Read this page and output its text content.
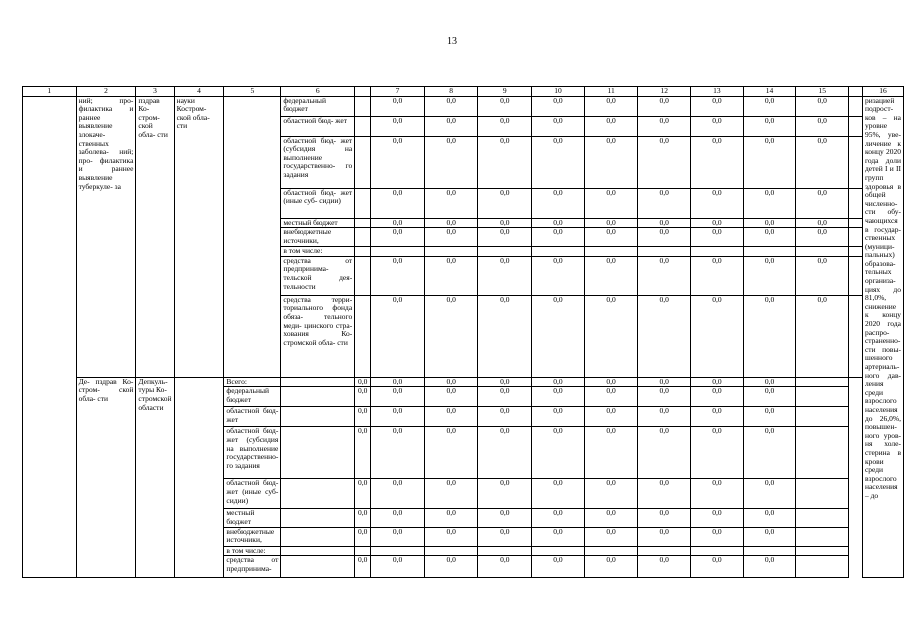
13
1	2	3	4	5	6		7	8	9	10	11	12	13	14	15		16
	ний; про- филактика и раннее выявление злокаче- ственных заболева- ний; про- филактика и раннее выявление туберкуле- за	пздрав Ко- стром- ской обла- сти	науки Костром- ской обла- сти		федеральный бюджет		0,0	0,0	0,0	0,0	0,0	0,0	0,0	0,0	0,0		ризацией подрост- ков – на уровне 95%, уве- личение к концу 2020 года доли детей I и II групп здоровья в общей численно- сти обу- чающихся в государ- ственных (муници- пальных) образова- тельных организа- циях до 81,0%, снижение к концу 2020 года распро- страненно- сти повы- шенного артериаль- ного дав- ления среди взрослого населения до 26,0%, повышен- ного уров- ня холе- стерина в крови среди взрослого населения – до
					областной бюд- жет		0,0	0,0	0,0	0,0	0,0	0,0	0,0	0,0	0,0		
					областной бюд- жет (субсидия на выполнение государственно- го задания		0,0	0,0	0,0	0,0	0,0	0,0	0,0	0,0	0,0		
					областной бюд- жет (иные суб- сидии)		0,0	0,0	0,0	0,0	0,0	0,0	0,0	0,0	0,0		
					местный бюджет		0,0	0,0	0,0	0,0	0,0	0,0	0,0	0,0	0,0		
					внебюджетные источники,		0,0	0,0	0,0	0,0	0,0	0,0	0,0	0,0	0,0		
					в том числе:												
					средства от предпринима- тельской дея- тельности		0,0	0,0	0,0	0,0	0,0	0,0	0,0	0,0	0,0		
					средства терри- ториального фонда обяза- тельного меди- цинского стра- хования Ко- стромской обла- сти		0,0	0,0	0,0	0,0	0,0	0,0	0,0	0,0	0,0		
	Де- пздрав Ко- стром- ской обла- сти	Депкуль- туры Ко- стромской области		Всего:		0,0	0,0	0,0	0,0	0,0	0,0	0,0	0,0	0,0			
				федеральный бюджет		0,0	0,0	0,0	0,0	0,0	0,0	0,0	0,0	0,0			
				областной бюд- жет		0,0	0,0	0,0	0,0	0,0	0,0	0,0	0,0	0,0			
				областной бюд- жет (субсидия на выполнение государственно- го задания		0,0	0,0	0,0	0,0	0,0	0,0	0,0	0,0	0,0			
				областной бюд- жет (иные суб- сидии)		0,0	0,0	0,0	0,0	0,0	0,0	0,0	0,0	0,0			
				местный бюджет		0,0	0,0	0,0	0,0	0,0	0,0	0,0	0,0	0,0			
				внебюджетные источники,		0,0	0,0	0,0	0,0	0,0	0,0	0,0	0,0	0,0			
				в том числе:													
				средства от предпринима-		0,0	0,0	0,0	0,0	0,0	0,0	0,0	0,0	0,0			
